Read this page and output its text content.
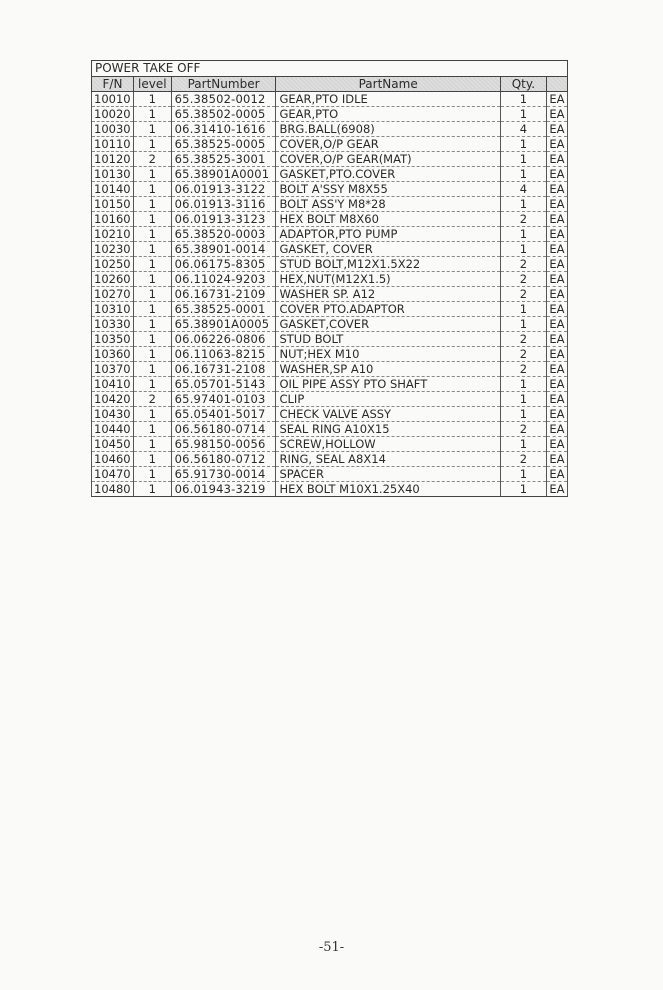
POWER TAKE OFF					
F/N	level	PartNumber	PartName	Qty.	
10010	1	65.38502-0012	GEAR,PTO IDLE	1	EA
10020	1	65.38502-0005	GEAR,PTO	1	EA
10030	1	06.31410-1616	BRG.BALL(6908)	4	EA
10110	1	65.38525-0005	COVER,O/P GEAR	1	EA
10120	2	65.38525-3001	COVER,O/P GEAR(MAT)	1	EA
10130	1	65.38901A0001	GASKET,PTO.COVER	1	EA
10140	1	06.01913-3122	BOLT A'SSY M8X55	4	EA
10150	1	06.01913-3116	BOLT ASS'Y M8*28	1	EA
10160	1	06.01913-3123	HEX BOLT M8X60	2	EA
10210	1	65.38520-0003	ADAPTOR,PTO PUMP	1	EA
10230	1	65.38901-0014	GASKET, COVER	1	EA
10250	1	06.06175-8305	STUD BOLT,M12X1.5X22	2	EA
10260	1	06.11024-9203	HEX,NUT(M12X1.5)	2	EA
10270	1	06.16731-2109	WASHER SP. A12	2	EA
10310	1	65.38525-0001	COVER PTO.ADAPTOR	1	EA
10330	1	65.38901A0005	GASKET,COVER	1	EA
10350	1	06.06226-0806	STUD BOLT	2	EA
10360	1	06.11063-8215	NUT;HEX M10	2	EA
10370	1	06.16731-2108	WASHER,SP A10	2	EA
10410	1	65.05701-5143	OIL PIPE ASSY PTO SHAFT	1	EA
10420	2	65.97401-0103	CLIP	1	EA
10430	1	65.05401-5017	CHECK VALVE ASSY	1	EA
10440	1	06.56180-0714	SEAL RING A10X15	2	EA
10450	1	65.98150-0056	SCREW,HOLLOW	1	EA
10460	1	06.56180-0712	RING, SEAL A8X14	2	EA
10470	1	65.91730-0014	SPACER	1	EA
10480	1	06.01943-3219	HEX BOLT M10X1.25X40	1	EA
-51-
